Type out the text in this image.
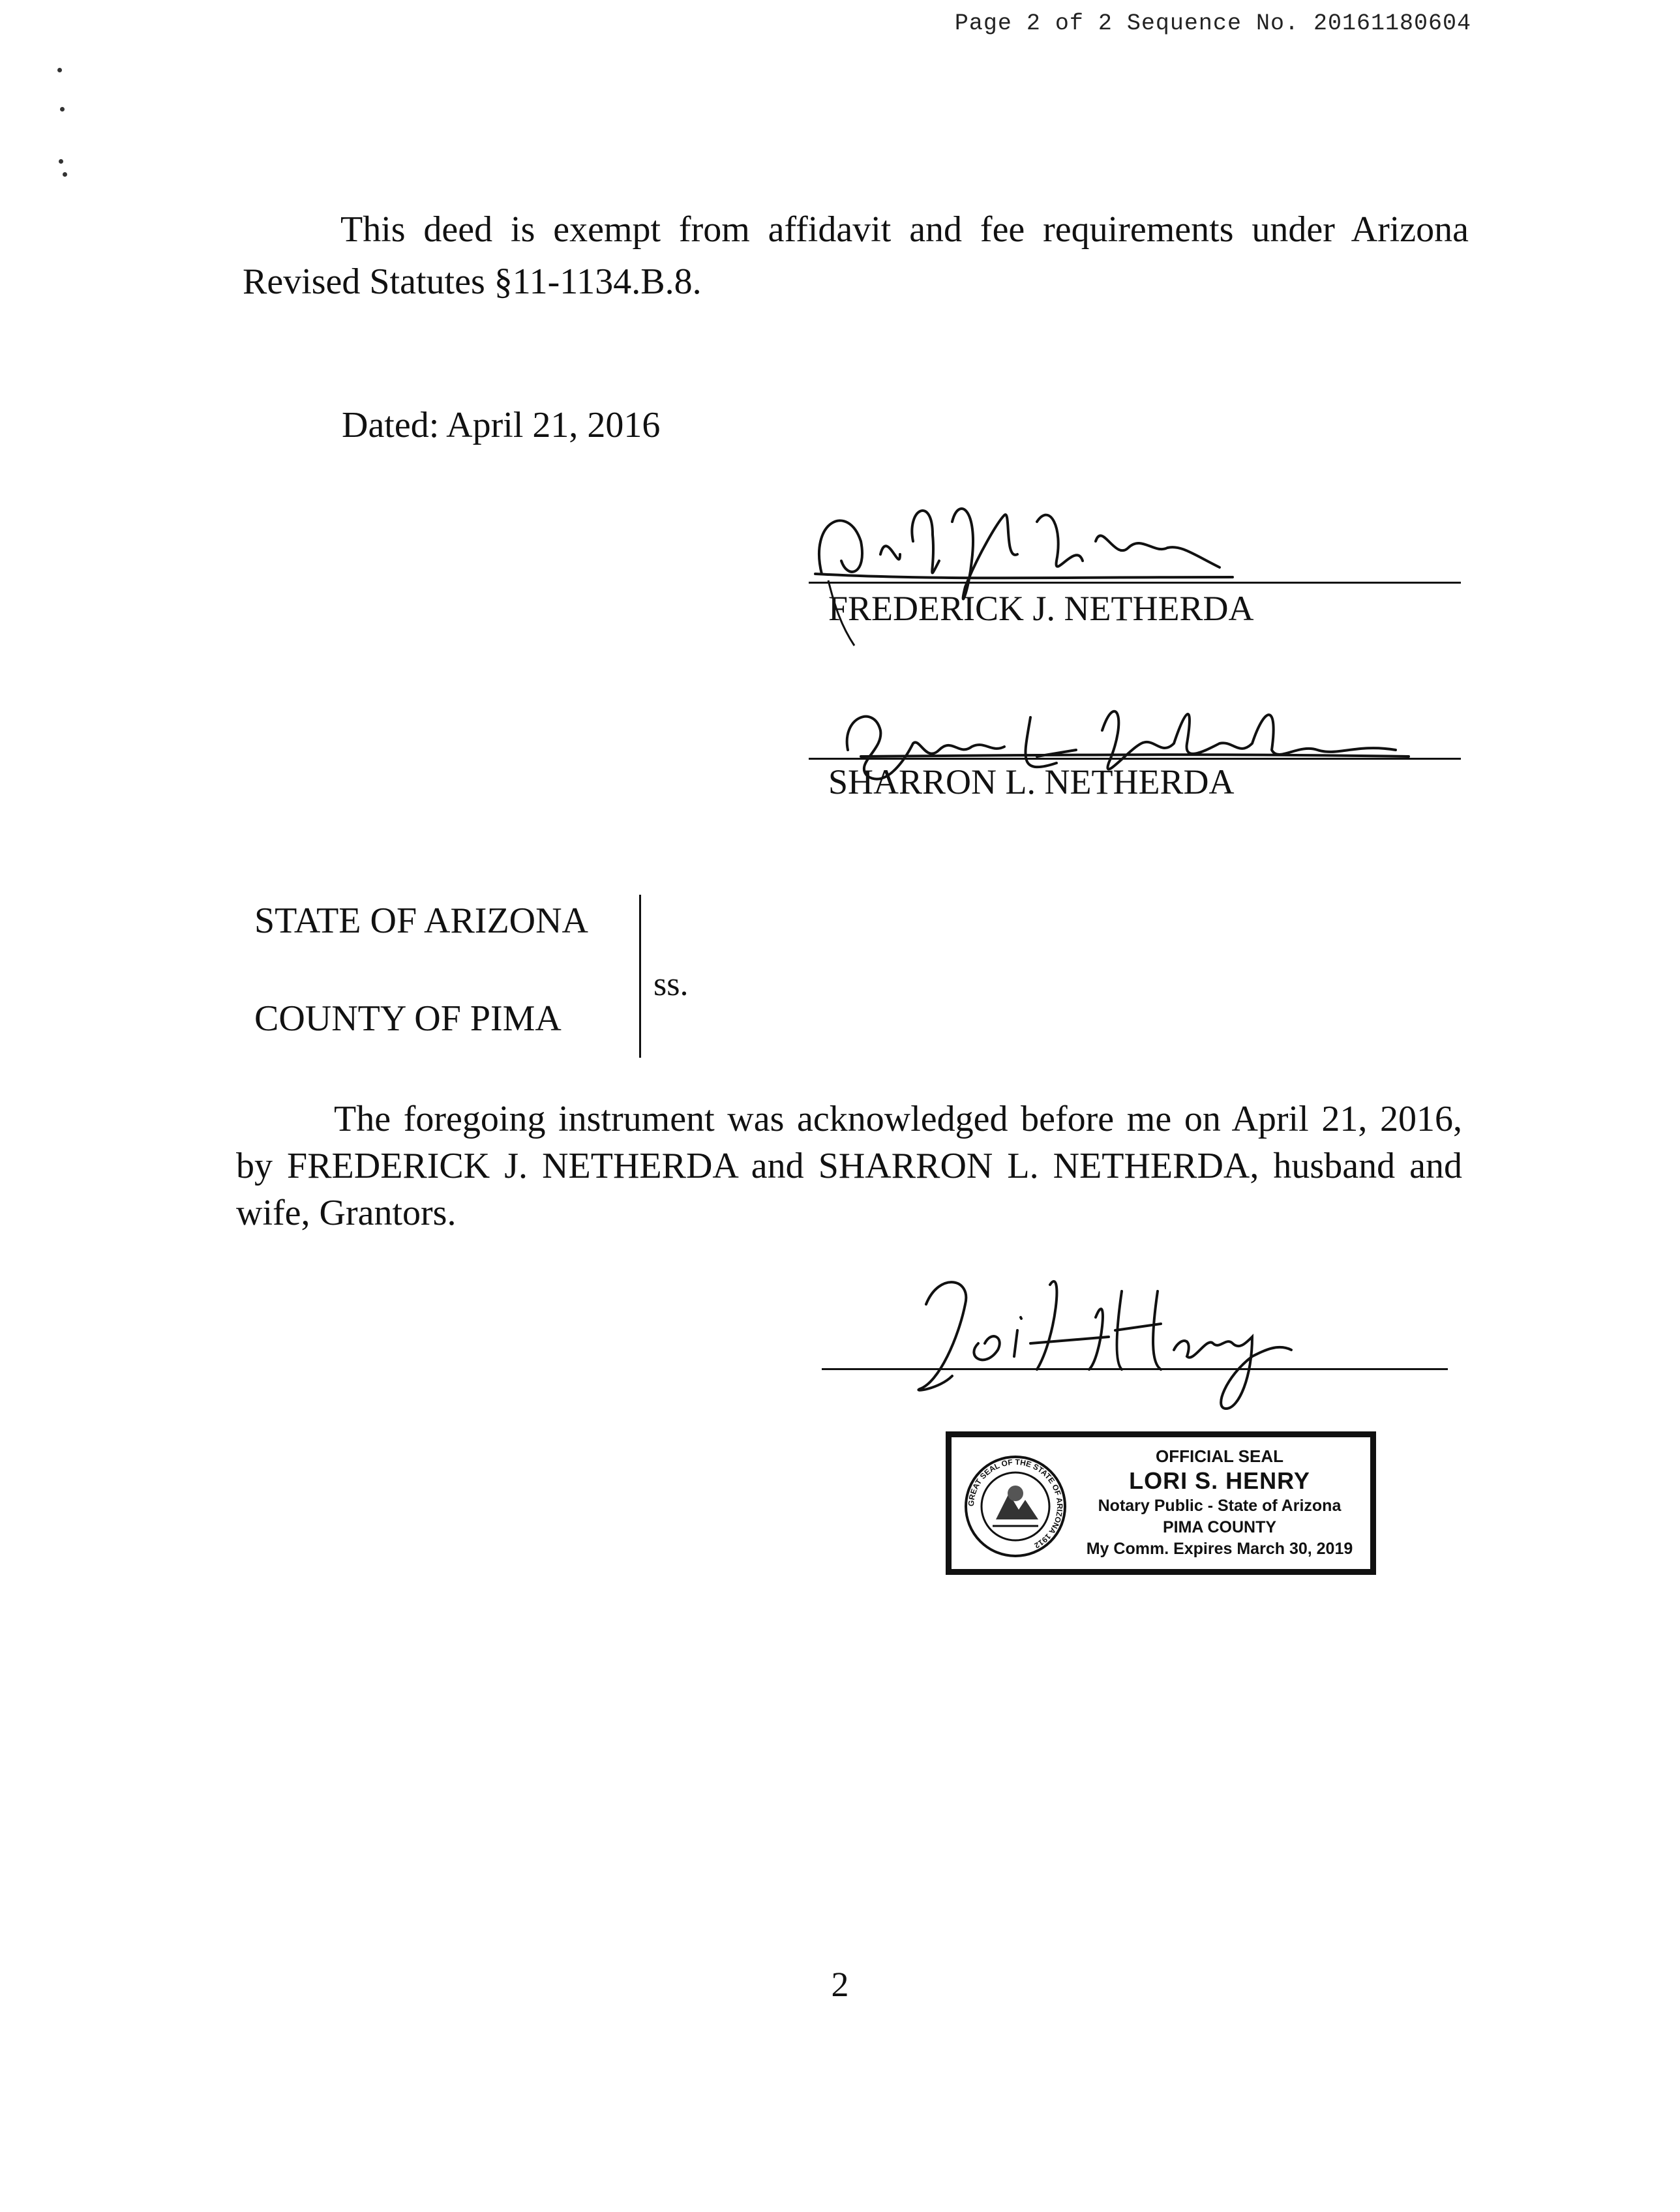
Page 2 of 2 Sequence No. 20161180604
This deed is exempt from affidavit and fee requirements under Arizona Revised Statutes §11-1134.B.8.
Dated: April 21, 2016
FREDERICK J. NETHERDA
SHARRON L. NETHERDA
STATE OF ARIZONA
COUNTY OF PIMA
ss.
The foregoing instrument was acknowledged before me on April 21, 2016, by FREDERICK J. NETHERDA and SHARRON L. NETHERDA, husband and wife, Grantors.
GREAT SEAL OF THE STATE OF ARIZONA 1912
OFFICIAL SEAL
LORI S. HENRY
Notary Public - State of Arizona
PIMA COUNTY
My Comm. Expires March 30, 2019
2
